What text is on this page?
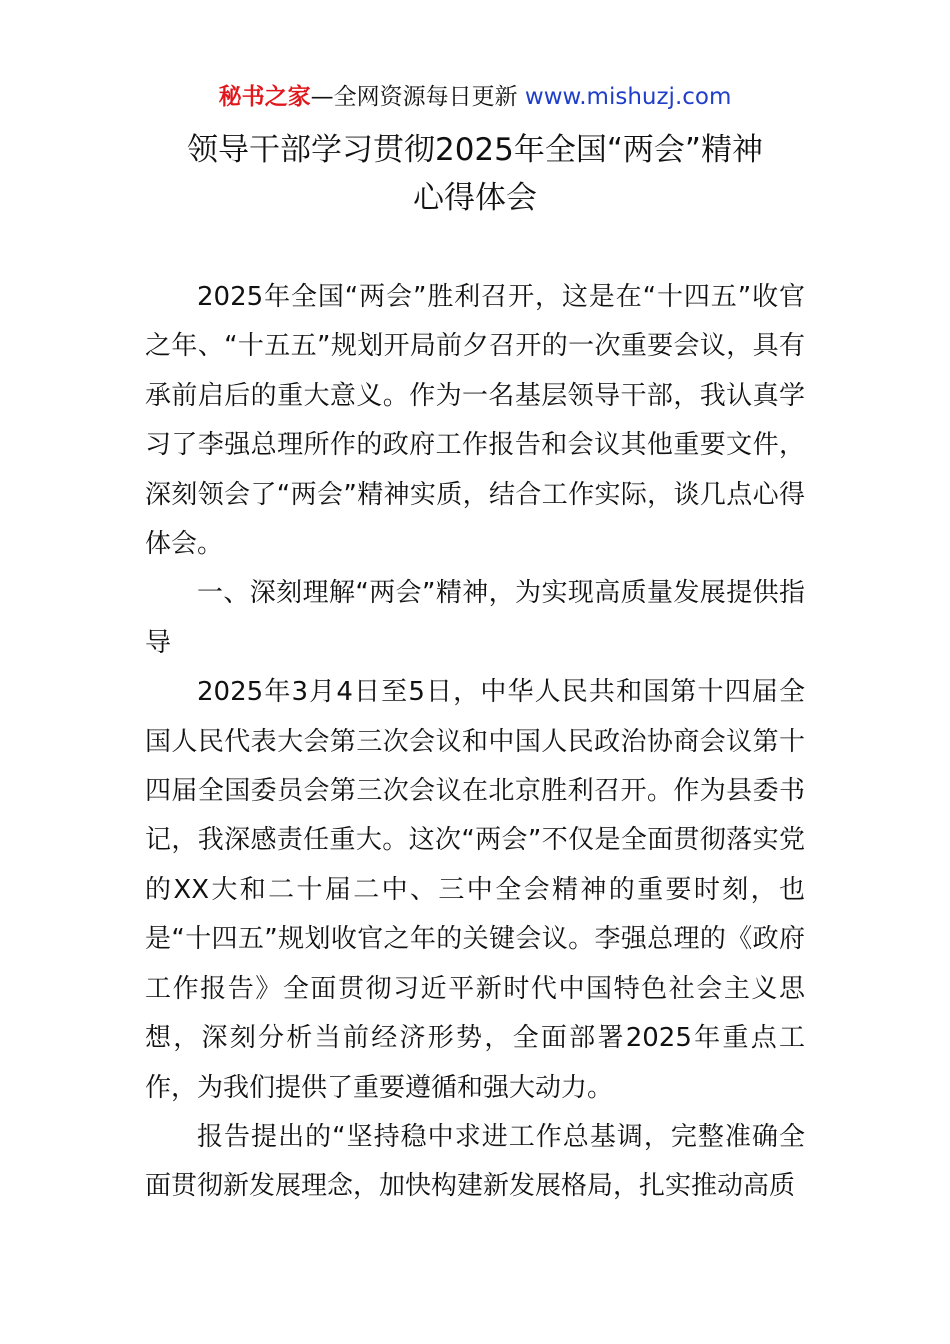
秘书之家—全网资源每日更新 www.mishuzj.com
领导干部学习贯彻2025年全国“两会”精神
心得体会

2025年全国“两会”胜利召开，这是在“十四五”收官之年、“十五五”规划开局前夕召开的一次重要会议，具有承前启后的重大意义。作为一名基层领导干部，我认真学习了李强总理所作的政府工作报告和会议其他重要文件，深刻领会了“两会”精神实质，结合工作实际，谈几点心得体会。

一、深刻理解“两会”精神，为实现高质量发展提供指导

2025年3月4日至5日，中华人民共和国第十四届全国人民代表大会第三次会议和中国人民政治协商会议第十四届全国委员会第三次会议在北京胜利召开。作为县委书记，我深感责任重大。这次“两会”不仅是全面贯彻落实党的XX大和二十届二中、三中全会精神的重要时刻，也是“十四五”规划收官之年的关键会议。李强总理的《政府工作报告》全面贯彻习近平新时代中国特色社会主义思想，深刻分析当前经济形势，全面部署2025年重点工作，为我们提供了重要遵循和强大动力。

报告提出的“坚持稳中求进工作总基调，完整准确全面贯彻新发展理念，加快构建新发展格局，扎实推动高质
